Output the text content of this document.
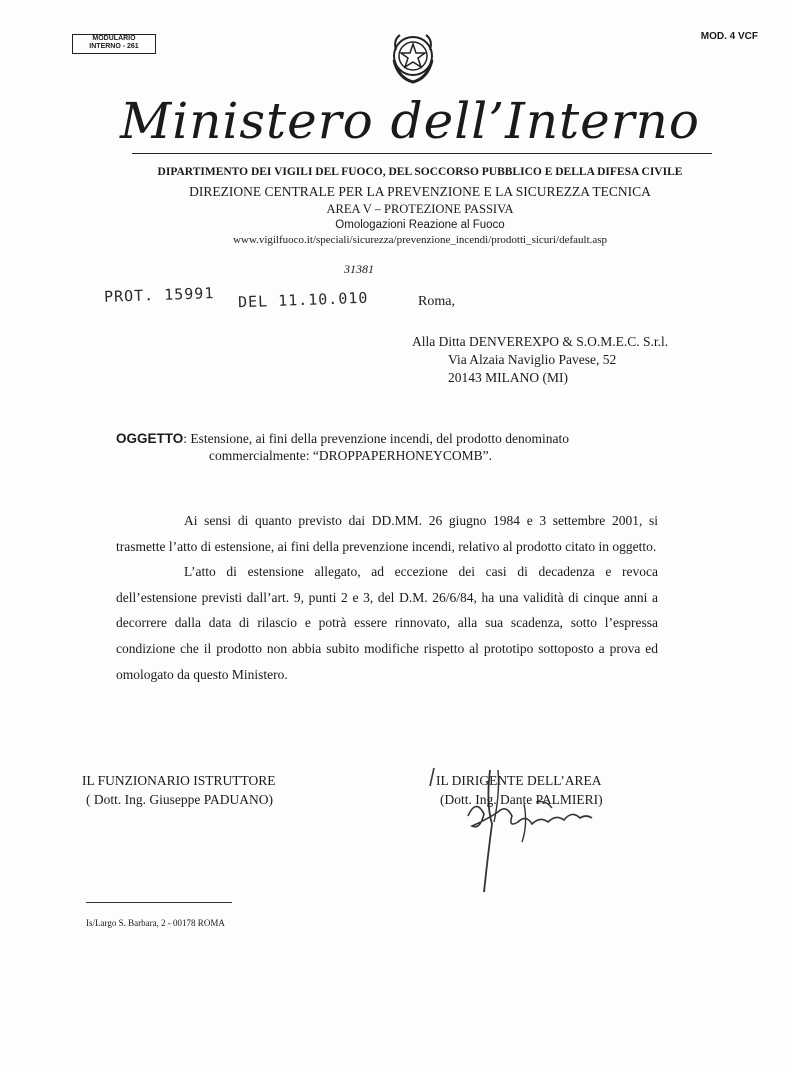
MODULARIO
INTERNO - 261
MOD. 4 VCF
Ministero dell’Interno
DIPARTIMENTO DEI VIGILI DEL FUOCO, DEL SOCCORSO PUBBLICO E DELLA DIFESA CIVILE
DIREZIONE CENTRALE PER LA PREVENZIONE E LA SICUREZZA TECNICA
AREA V – PROTEZIONE PASSIVA
Omologazioni Reazione al Fuoco
www.vigilfuoco.it/speciali/sicurezza/prevenzione_incendi/prodotti_sicuri/default.asp
31381
PROT. 15991 DEL 11.10.010	Roma,
Alla Ditta DENVEREXPO & S.O.M.E.C. S.r.l.
Via Alzaia Naviglio Pavese, 52
20143 MILANO (MI)
OGGETTO: Estensione, ai fini della prevenzione incendi, del prodotto denominato
commercialmente: “DROPPAPERHONEYCOMB”.

Ai sensi di quanto previsto dai DD.MM. 26 giugno 1984 e 3 settembre 2001, si trasmette l’atto di estensione, ai fini della prevenzione incendi, relativo al prodotto citato in oggetto.

L’atto di estensione allegato, ad eccezione dei casi di decadenza e revoca dell’estensione previsti dall’art. 9, punti 2 e 3, del D.M. 26/6/84, ha una validità di cinque anni a decorrere dalla data di rilascio e potrà essere rinnovato, alla sua scadenza, sotto l’espressa condizione che il prodotto non abbia subito modifiche rispetto al prototipo sottoposto a prova ed omologato da questo Ministero.

IL FUNZIONARIO ISTRUTTORE
( Dott. Ing. Giuseppe PADUANO)
IL DIRIGENTE DELL’AREA
(Dott. Ing. Dante PALMIERI)
Is/Largo S. Barbara, 2 - 00178 ROMA
